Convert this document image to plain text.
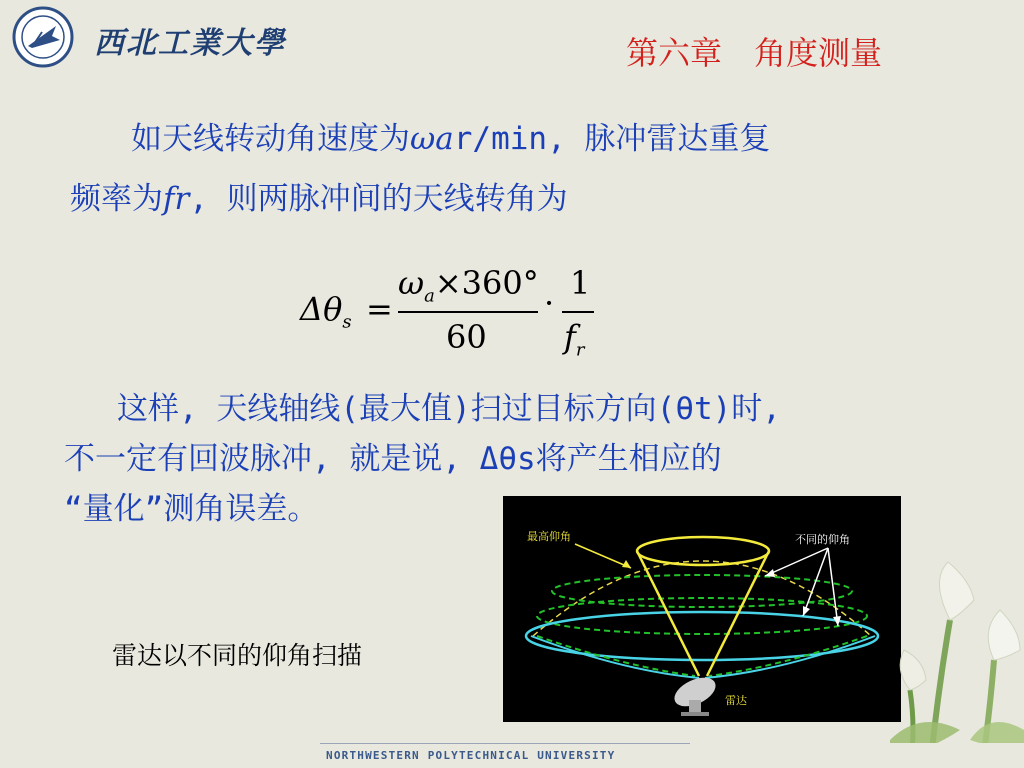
西北工業大學	第六章　角度测量
如天线转动角速度为ωar/min, 脉冲雷达重复
频率为fr, 则两脉冲间的天线转角为
$\Delta\theta_s$ =
$\omega_a\times 360^\circ$
60
·
1
$f_r$
这样, 天线轴线(最大值)扫过目标方向(θt)时,
不一定有回波脉冲, 就是说, Δθs将产生相应的
“量化”测角误差。
雷达以不同的仰角扫描
最高仰角	不同的仰角
雷达
NORTHWESTERN POLYTECHNICAL UNIVERSITY
